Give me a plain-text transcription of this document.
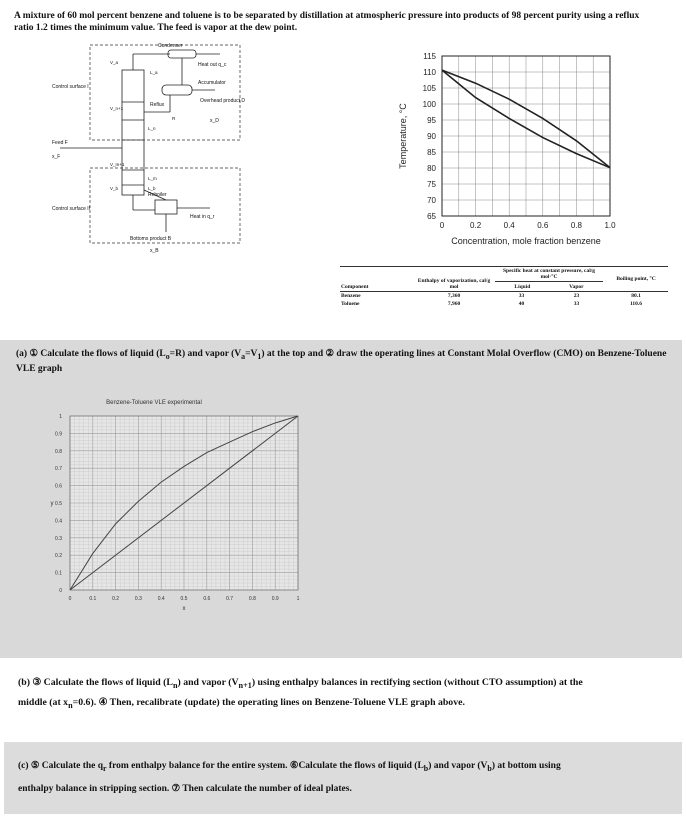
A mixture of 60 mol percent benzene and toluene is to be separated by distillation at atmospheric pressure into products of 98 percent purity using a reflux ratio 1.2 times the minimum value. The feed is vapor at the dew point.
Condenser
Heat out q_c
Accumulator
Overhead product D
x_D
Reflux
Control surface I
Feed F
x_F
Control surface II
Reboiler
Heat in q_r
Bottoms product B
x_B
V_a
L_a
V_n+1
L_n
V_m+1
L_m
V_b	L_b
R
65
70
75
80
85
90
95
100
105
110
115
0	0.2	0.4	0.6	0.8	1.0
Concentration, mole fraction benzene
Temperature, °C
Component	Enthalpy of vaporization, cal/g mol	Specific heat at constant pressure, cal/g mol·°C
Liquid Vapor		Boiling point, °C

Benzene	7,360	33	23	80.1
Toluene	7,960	40	33	110.6
(a) ① Calculate the flows of liquid $(L_o=R)$ and vapor $(V_a=V_1)$ at the top and ② draw the operating lines at Constant Molal Overflow (CMO) on Benzene-Toluene VLE graph
Benzene-Toluene VLE experimental
0	0.1	0.2	0.3	0.4	0.5	0.6	0.7	0.8	0.9	1
0
0.1
0.2
0.3
0.4
0.5
0.6
0.7
0.8
0.9
1
x
y
(b) ③ Calculate the flows of liquid $(L_n)$ and vapor $(V_{n+1})$ using enthalpy balances in rectifying section (without CTO assumption) at the
middle (at $x_n=0.6$). ④ Then, recalibrate (update) the operating lines on Benzene-Toluene VLE graph above.
(c) ⑤ Calculate the $q_r$ from enthalpy balance for the entire system. ⑥Calculate the flows of liquid $(L_b)$ and vapor $(V_b)$ at bottom using
enthalpy balance in stripping section. ⑦ Then calculate the number of ideal plates.
